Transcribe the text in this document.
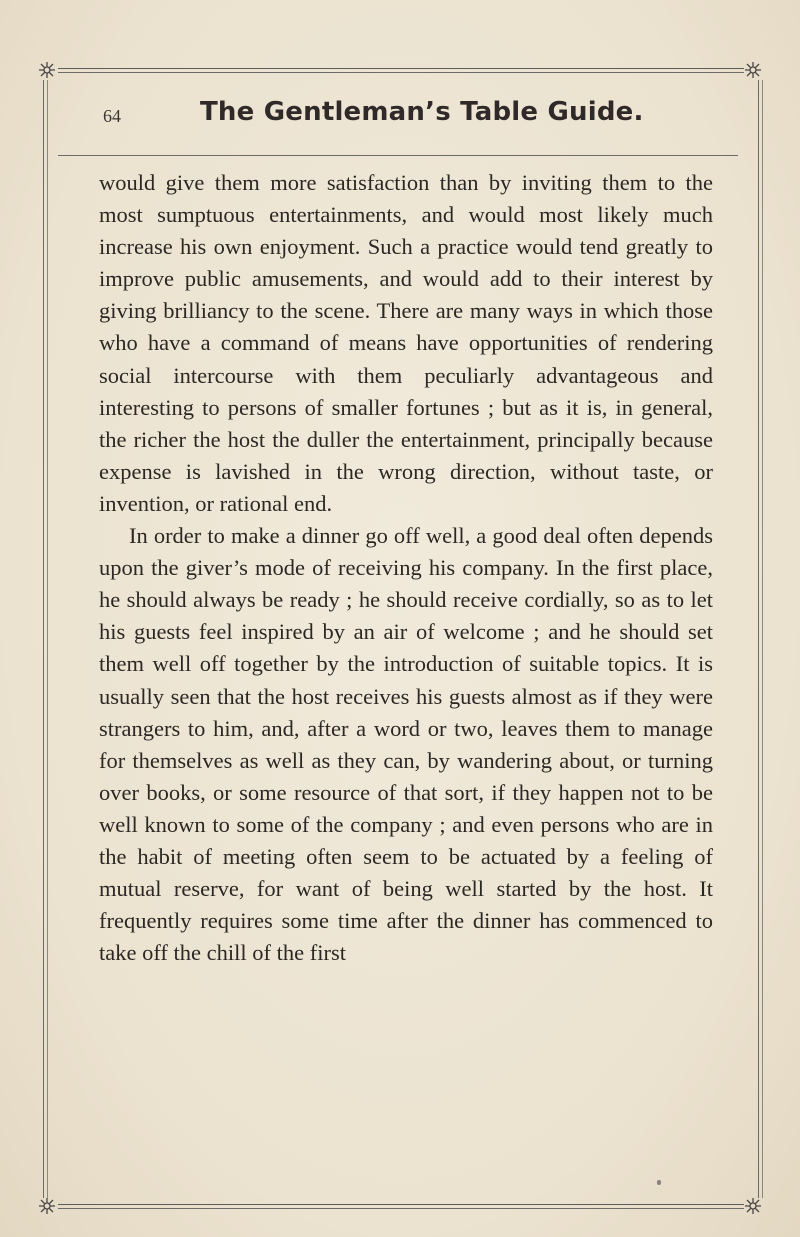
64	The Gentleman’s Table Guide.

would give them more satisfaction than by inviting them to the most sumptuous entertainments, and would most likely much increase his own enjoyment. Such a practice would tend greatly to improve public amusements, and would add to their interest by giving brilliancy to the scene. There are many ways in which those who have a command of means have opportunities of rendering social intercourse with them peculiarly advantageous and interesting to persons of smaller fortunes ; but as it is, in general, the richer the host the duller the entertainment, principally because expense is lavished in the wrong direction, without taste, or invention, or rational end.

In order to make a dinner go off well, a good deal often depends upon the giver’s mode of receiving his company. In the first place, he should always be ready ; he should receive cordially, so as to let his guests feel inspired by an air of welcome ; and he should set them well off together by the introduction of suitable topics. It is usually seen that the host receives his guests almost as if they were strangers to him, and, after a word or two, leaves them to manage for themselves as well as they can, by wandering about, or turning over books, or some resource of that sort, if they happen not to be well known to some of the company ; and even persons who are in the habit of meeting often seem to be actuated by a feeling of mutual reserve, for want of being well started by the host. It frequently requires some time after the dinner has commenced to take off the chill of the first
